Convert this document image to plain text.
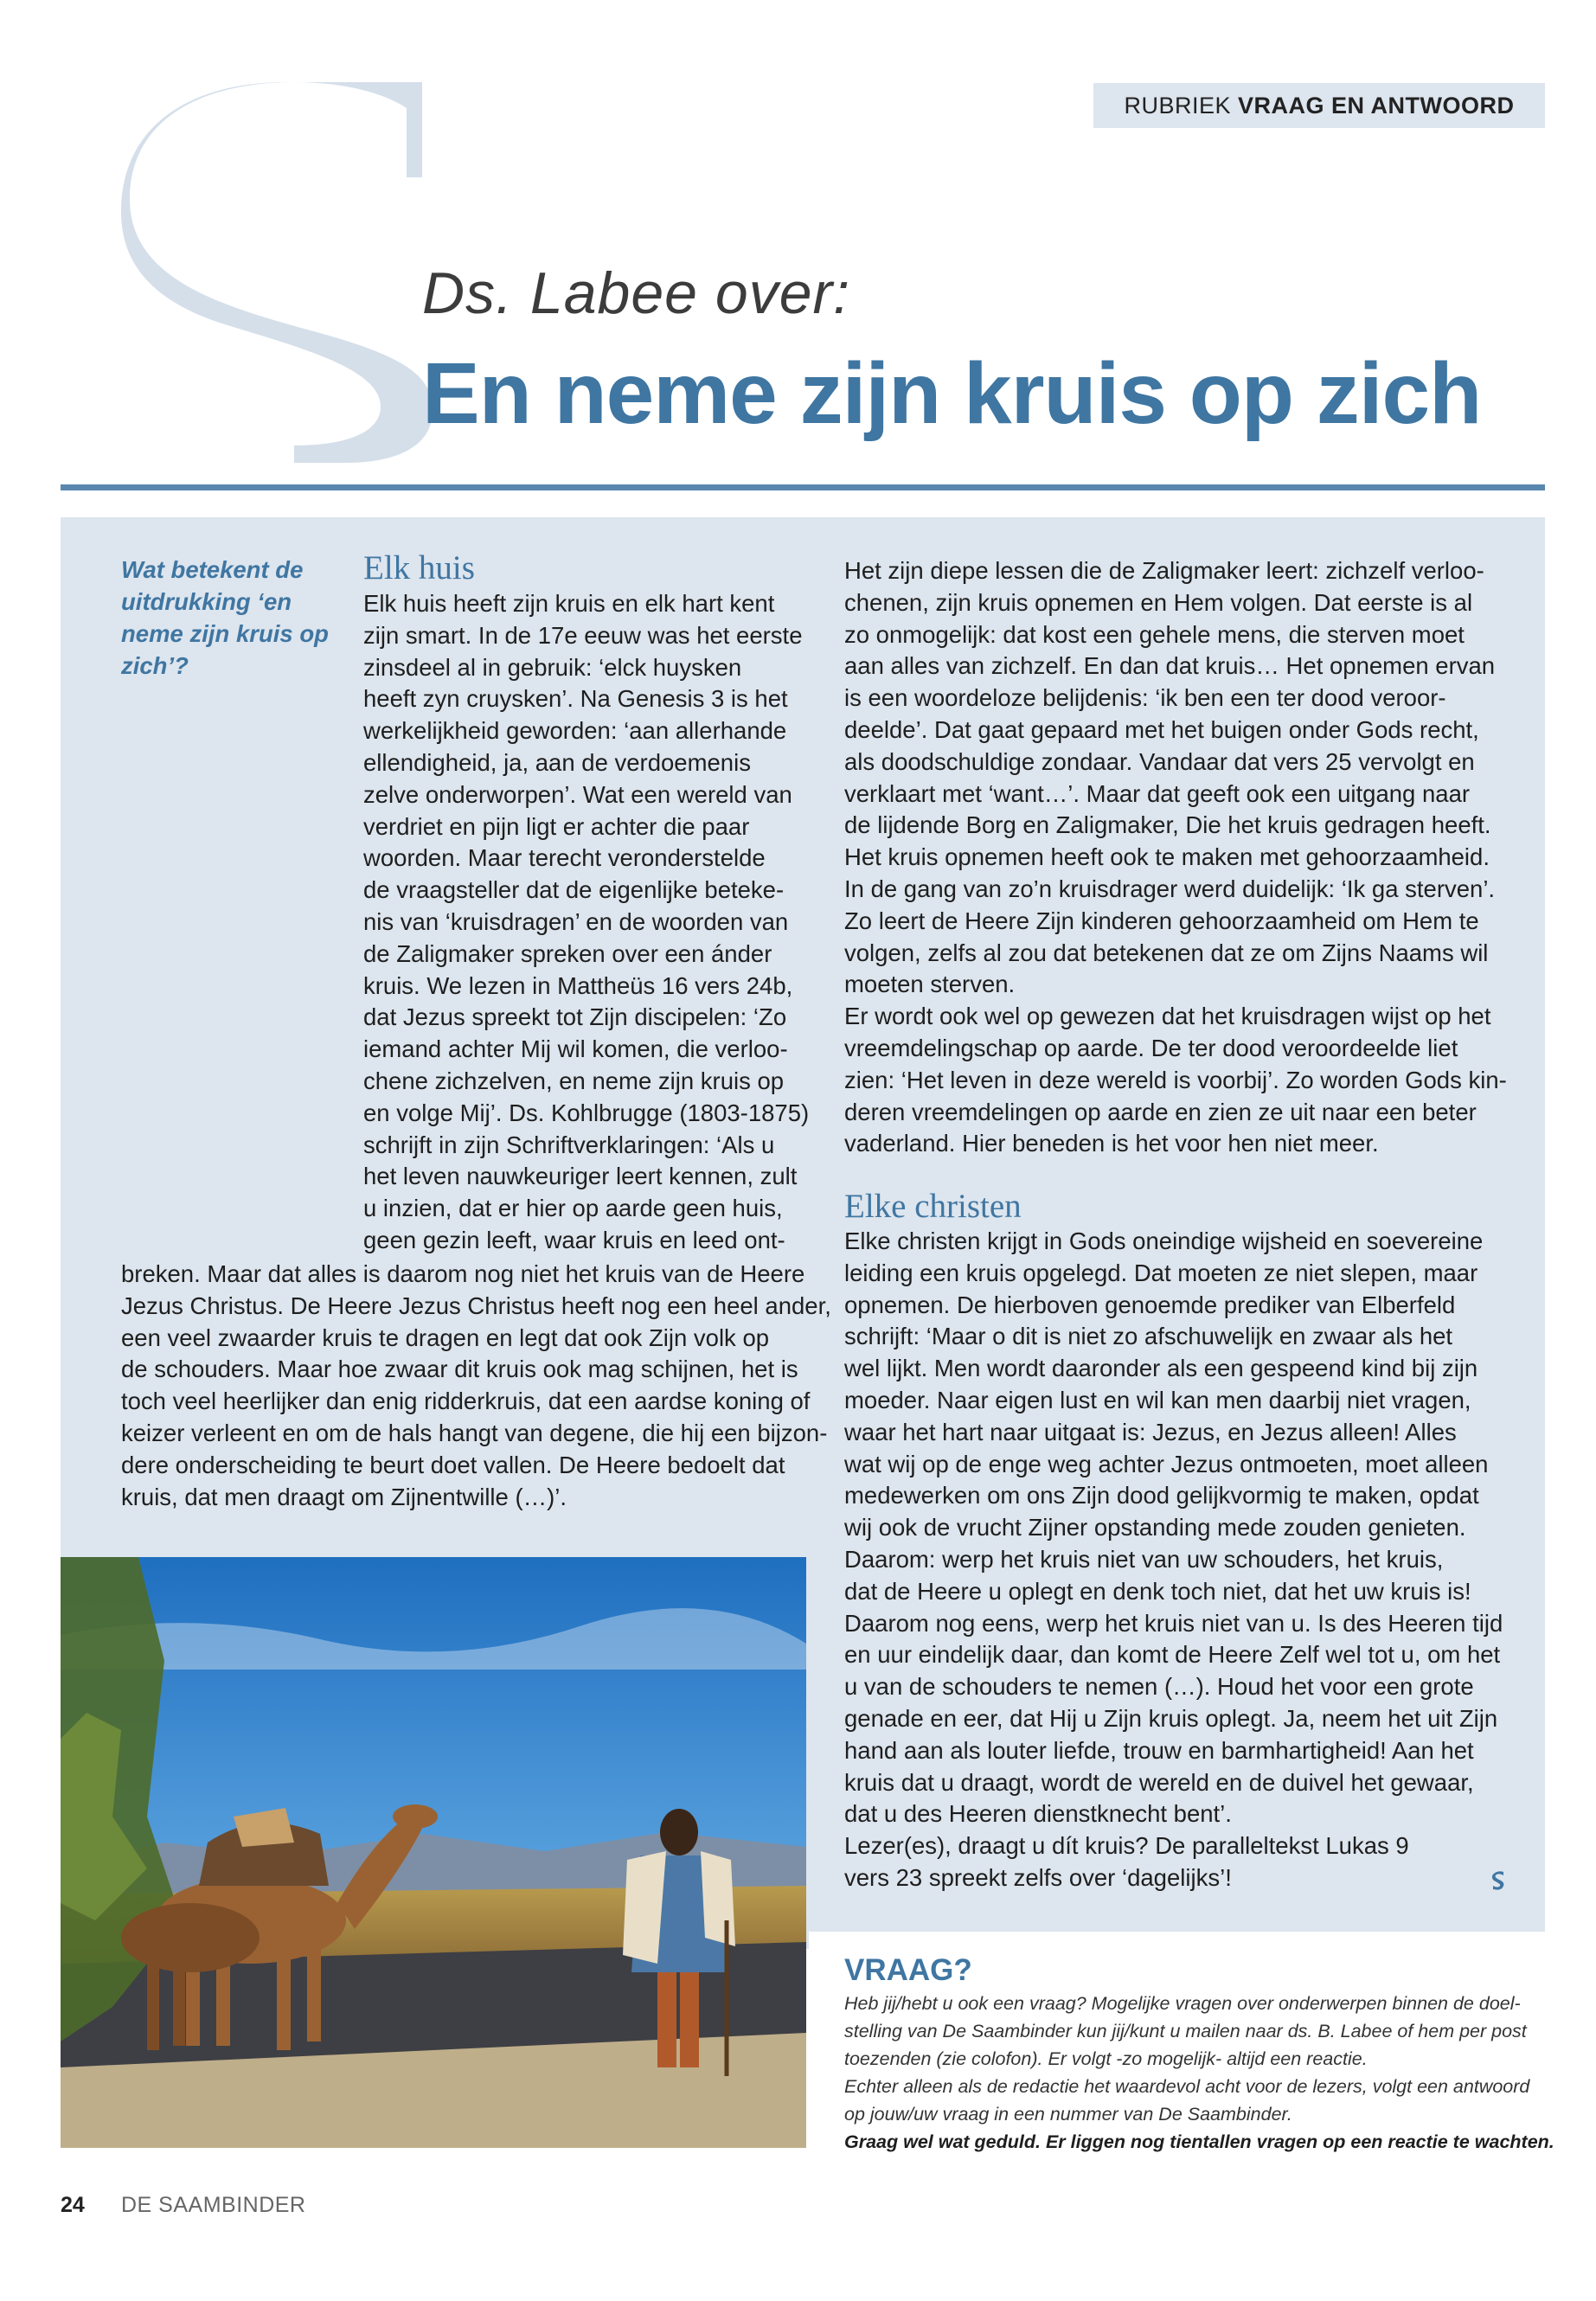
RUBRIEK VRAAG EN ANTWOORD
Ds. Labee over:
En neme zijn kruis op zich
Wat betekent de uitdrukking ‘en neme zijn kruis op zich’?
Elk huis

Elk huis heeft zijn kruis en elk hart kent

zijn smart. In de 17e eeuw was het eerste

zinsdeel al in gebruik: ‘elck huysken

heeft zyn cruysken’. Na Genesis 3 is het

werkelijkheid geworden: ‘aan allerhande

ellendigheid, ja, aan de verdoemenis

zelve onderworpen’. Wat een wereld van

verdriet en pijn ligt er achter die paar

woorden. Maar terecht veronderstelde

de vraagsteller dat de eigenlijke beteke-

nis van ‘kruisdragen’ en de woorden van

de Zaligmaker spreken over een ánder

kruis. We lezen in Mattheüs 16 vers 24b,

dat Jezus spreekt tot Zijn discipelen: ‘Zo

iemand achter Mij wil komen, die verloo-

chene zichzelven, en neme zijn kruis op

en volge Mij’. Ds. Kohlbrugge (1803-1875)

schrijft in zijn Schriftverklaringen: ‘Als u

het leven nauwkeuriger leert kennen, zult

u inzien, dat er hier op aarde geen huis,

geen gezin leeft, waar kruis en leed ont-

breken. Maar dat alles is daarom nog niet het kruis van de Heere

Jezus Christus. De Heere Jezus Christus heeft nog een heel ander,

een veel zwaarder kruis te dragen en legt dat ook Zijn volk op

de schouders. Maar hoe zwaar dit kruis ook mag schijnen, het is

toch veel heerlijker dan enig ridderkruis, dat een aardse koning of

keizer verleent en om de hals hangt van degene, die hij een bijzon-

dere onderscheiding te beurt doet vallen. De Heere bedoelt dat

kruis, dat men draagt om Zijnentwille (…)’.

Het zijn diepe lessen die de Zaligmaker leert: zichzelf verloo-

chenen, zijn kruis opnemen en Hem volgen. Dat eerste is al

zo onmogelijk: dat kost een gehele mens, die sterven moet

aan alles van zichzelf. En dan dat kruis… Het opnemen ervan

is een woordeloze belijdenis: ‘ik ben een ter dood veroor-

deelde’. Dat gaat gepaard met het buigen onder Gods recht,

als doodschuldige zondaar. Vandaar dat vers 25 vervolgt en

verklaart met ‘want…’. Maar dat geeft ook een uitgang naar

de lijdende Borg en Zaligmaker, Die het kruis gedragen heeft.

Het kruis opnemen heeft ook te maken met gehoorzaamheid.

In de gang van zo’n kruisdrager werd duidelijk: ‘Ik ga sterven’.

Zo leert de Heere Zijn kinderen gehoorzaamheid om Hem te

volgen, zelfs al zou dat betekenen dat ze om Zijns Naams wil

moeten sterven.

Er wordt ook wel op gewezen dat het kruisdragen wijst op het

vreemdelingschap op aarde. De ter dood veroordeelde liet

zien: ‘Het leven in deze wereld is voorbij’. Zo worden Gods kin-

deren vreemdelingen op aarde en zien ze uit naar een beter

vaderland. Hier beneden is het voor hen niet meer.

Elke christen

Elke christen krijgt in Gods oneindige wijsheid en soevereine

leiding een kruis opgelegd. Dat moeten ze niet slepen, maar

opnemen. De hierboven genoemde prediker van Elberfeld

schrijft: ‘Maar o dit is niet zo afschuwelijk en zwaar als het

wel lijkt. Men wordt daaronder als een gespeend kind bij zijn

moeder. Naar eigen lust en wil kan men daarbij niet vragen,

waar het hart naar uitgaat is: Jezus, en Jezus alleen! Alles

wat wij op de enge weg achter Jezus ontmoeten, moet alleen

medewerken om ons Zijn dood gelijkvormig te maken, opdat

wij ook de vrucht Zijner opstanding mede zouden genieten.

Daarom: werp het kruis niet van uw schouders, het kruis,

dat de Heere u oplegt en denk toch niet, dat het uw kruis is!

Daarom nog eens, werp het kruis niet van u. Is des Heeren tijd

en uur eindelijk daar, dan komt de Heere Zelf wel tot u, om het

u van de schouders te nemen (…). Houd het voor een grote

genade en eer, dat Hij u Zijn kruis oplegt. Ja, neem het uit Zijn

hand aan als louter liefde, trouw en barmhartigheid! Aan het

kruis dat u draagt, wordt de wereld en de duivel het gewaar,

dat u des Heeren dienstknecht bent’.

Lezer(es), draagt u dít kruis? De paralleltekst Lukas 9

vers 23 spreekt zelfs over ‘dagelijks’!

VRAAG?

Heb jij/hebt u ook een vraag? Mogelijke vragen over onderwerpen binnen de doel-

stelling van De Saambinder kun jij/kunt u mailen naar ds. B. Labee of hem per post

toezenden (zie colofon). Er volgt -zo mogelijk- altijd een reactie.

Echter alleen als de redactie het waardevol acht voor de lezers, volgt een antwoord

op jouw/uw vraag in een nummer van De Saambinder.

Graag wel wat geduld. Er liggen nog tientallen vragen op een reactie te wachten.

24 DE SAAMBINDER
